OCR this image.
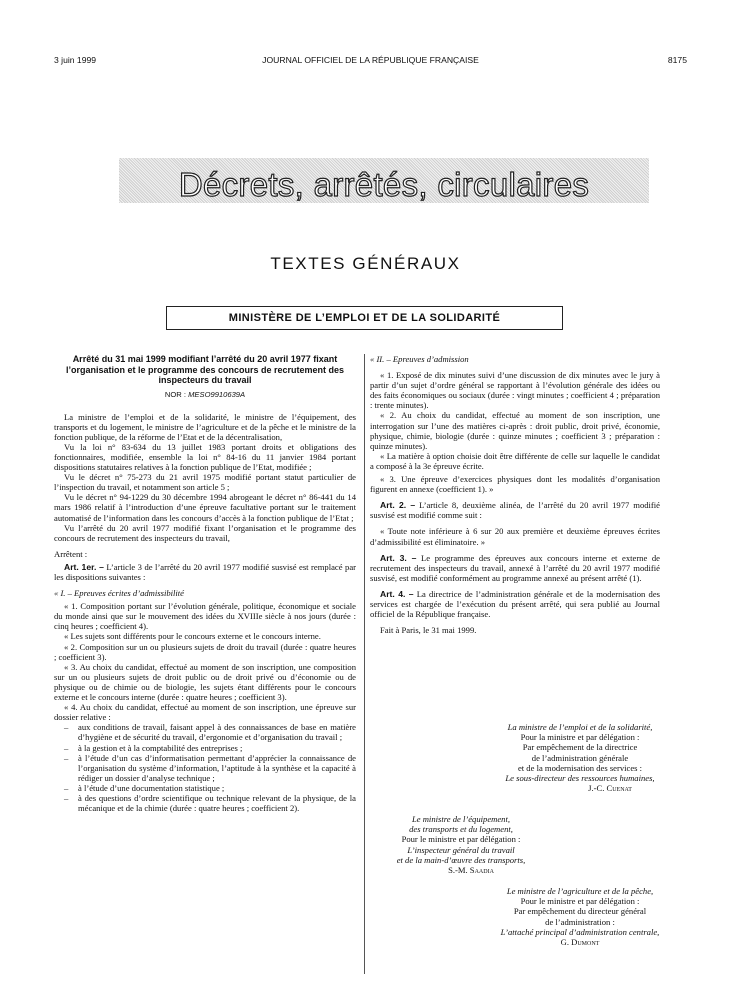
3 juin 1999	JOURNAL OFFICIEL DE LA RÉPUBLIQUE FRANÇAISE	8175
Décrets, arrêtés, circulaires
TEXTES GÉNÉRAUX
MINISTÈRE DE L’EMPLOI ET DE LA SOLIDARITÉ
Arrêté du 31 mai 1999 modifiant l’arrêté du 20 avril 1977 fixant l’organisation et le programme des concours de recrutement des inspecteurs du travail
NOR : MESO9910639A

La ministre de l’emploi et de la solidarité, le ministre de l’équipement, des transports et du logement, le ministre de l’agriculture et de la pêche et le ministre de la fonction publique, de la réforme de l’Etat et de la décentralisation,

Vu la loi n° 83-634 du 13 juillet 1983 portant droits et obligations des fonctionnaires, modifiée, ensemble la loi n° 84-16 du 11 janvier 1984 portant dispositions statutaires relatives à la fonction publique de l’Etat, modifiée ;

Vu le décret n° 75-273 du 21 avril 1975 modifié portant statut particulier de l’inspection du travail, et notamment son article 5 ;

Vu le décret n° 94-1229 du 30 décembre 1994 abrogeant le décret n° 86-441 du 14 mars 1986 relatif à l’introduction d’une épreuve facultative portant sur le traitement automatisé de l’information dans les concours d’accès à la fonction publique de l’Etat ;

Vu l’arrêté du 20 avril 1977 modifié fixant l’organisation et le programme des concours de recrutement des inspecteurs du travail,

Arrêtent :

Art. 1er. – L’article 3 de l’arrêté du 20 avril 1977 modifié susvisé est remplacé par les dispositions suivantes :

« I. – Epreuves écrites d’admissibilité

« 1. Composition portant sur l’évolution générale, politique, économique et sociale du monde ainsi que sur le mouvement des idées du XVIIIe siècle à nos jours (durée : cinq heures ; coefficient 4).

« Les sujets sont différents pour le concours externe et le concours interne.

« 2. Composition sur un ou plusieurs sujets de droit du travail (durée : quatre heures ; coefficient 3).

« 3. Au choix du candidat, effectué au moment de son inscription, une composition sur un ou plusieurs sujets de droit public ou de droit privé ou d’économie ou de physique ou de chimie ou de biologie, les sujets étant différents pour le concours externe et le concours interne (durée : quatre heures ; coefficient 3).

« 4. Au choix du candidat, effectué au moment de son inscription, une épreuve sur dossier relative :

– aux conditions de travail, faisant appel à des connaissances de base en matière d’hygiène et de sécurité du travail, d’ergonomie et d’organisation du travail ;
– à la gestion et à la comptabilité des entreprises ;
– à l’étude d’un cas d’informatisation permettant d’apprécier la connaissance de l’organisation du système d’information, l’aptitude à la synthèse et la capacité à rédiger un dossier d’analyse technique ;
– à l’étude d’une documentation statistique ;
– à des questions d’ordre scientifique ou technique relevant de la physique, de la mécanique et de la chimie (durée : quatre heures ; coefficient 2).

« II. – Epreuves d’admission

« 1. Exposé de dix minutes suivi d’une discussion de dix minutes avec le jury à partir d’un sujet d’ordre général se rapportant à l’évolution générale des idées ou des faits économiques ou sociaux (durée : vingt minutes ; coefficient 4 ; préparation : trente minutes).

« 2. Au choix du candidat, effectué au moment de son inscription, une interrogation sur l’une des matières ci-après : droit public, droit privé, économie, physique, chimie, biologie (durée : quinze minutes ; coefficient 3 ; préparation : quinze minutes).

« La matière à option choisie doit être différente de celle sur laquelle le candidat a composé à la 3e épreuve écrite.

« 3. Une épreuve d’exercices physiques dont les modalités d’organisation figurent en annexe (coefficient 1). »

Art. 2. – L’article 8, deuxième alinéa, de l’arrêté du 20 avril 1977 modifié susvisé est modifié comme suit :

« Toute note inférieure à 6 sur 20 aux première et deuxième épreuves écrites d’admissibilité est éliminatoire. »

Art. 3. – Le programme des épreuves aux concours interne et externe de recrutement des inspecteurs du travail, annexé à l’arrêté du 20 avril 1977 modifié susvisé, est modifié conformément au programme annexé au présent arrêté (1).

Art. 4. – La directrice de l’administration générale et de la modernisation des services est chargée de l’exécution du présent arrêté, qui sera publié au Journal officiel de la République française.

Fait à Paris, le 31 mai 1999.

La ministre de l’emploi et de la solidarité,
Pour la ministre et par délégation :
Par empêchement de la directrice
de l’administration générale
et de la modernisation des services :
Le sous-directeur des ressources humaines,
J.-C. Cuenat
Le ministre de l’équipement,
des transports et du logement,
Pour le ministre et par délégation :
L’inspecteur général du travail
et de la main-d’œuvre des transports,
S.-M. Saadia
Le ministre de l’agriculture et de la pêche,
Pour le ministre et par délégation :
Par empêchement du directeur général
de l’administration :
L’attaché principal d’administration centrale,
G. Dumont
